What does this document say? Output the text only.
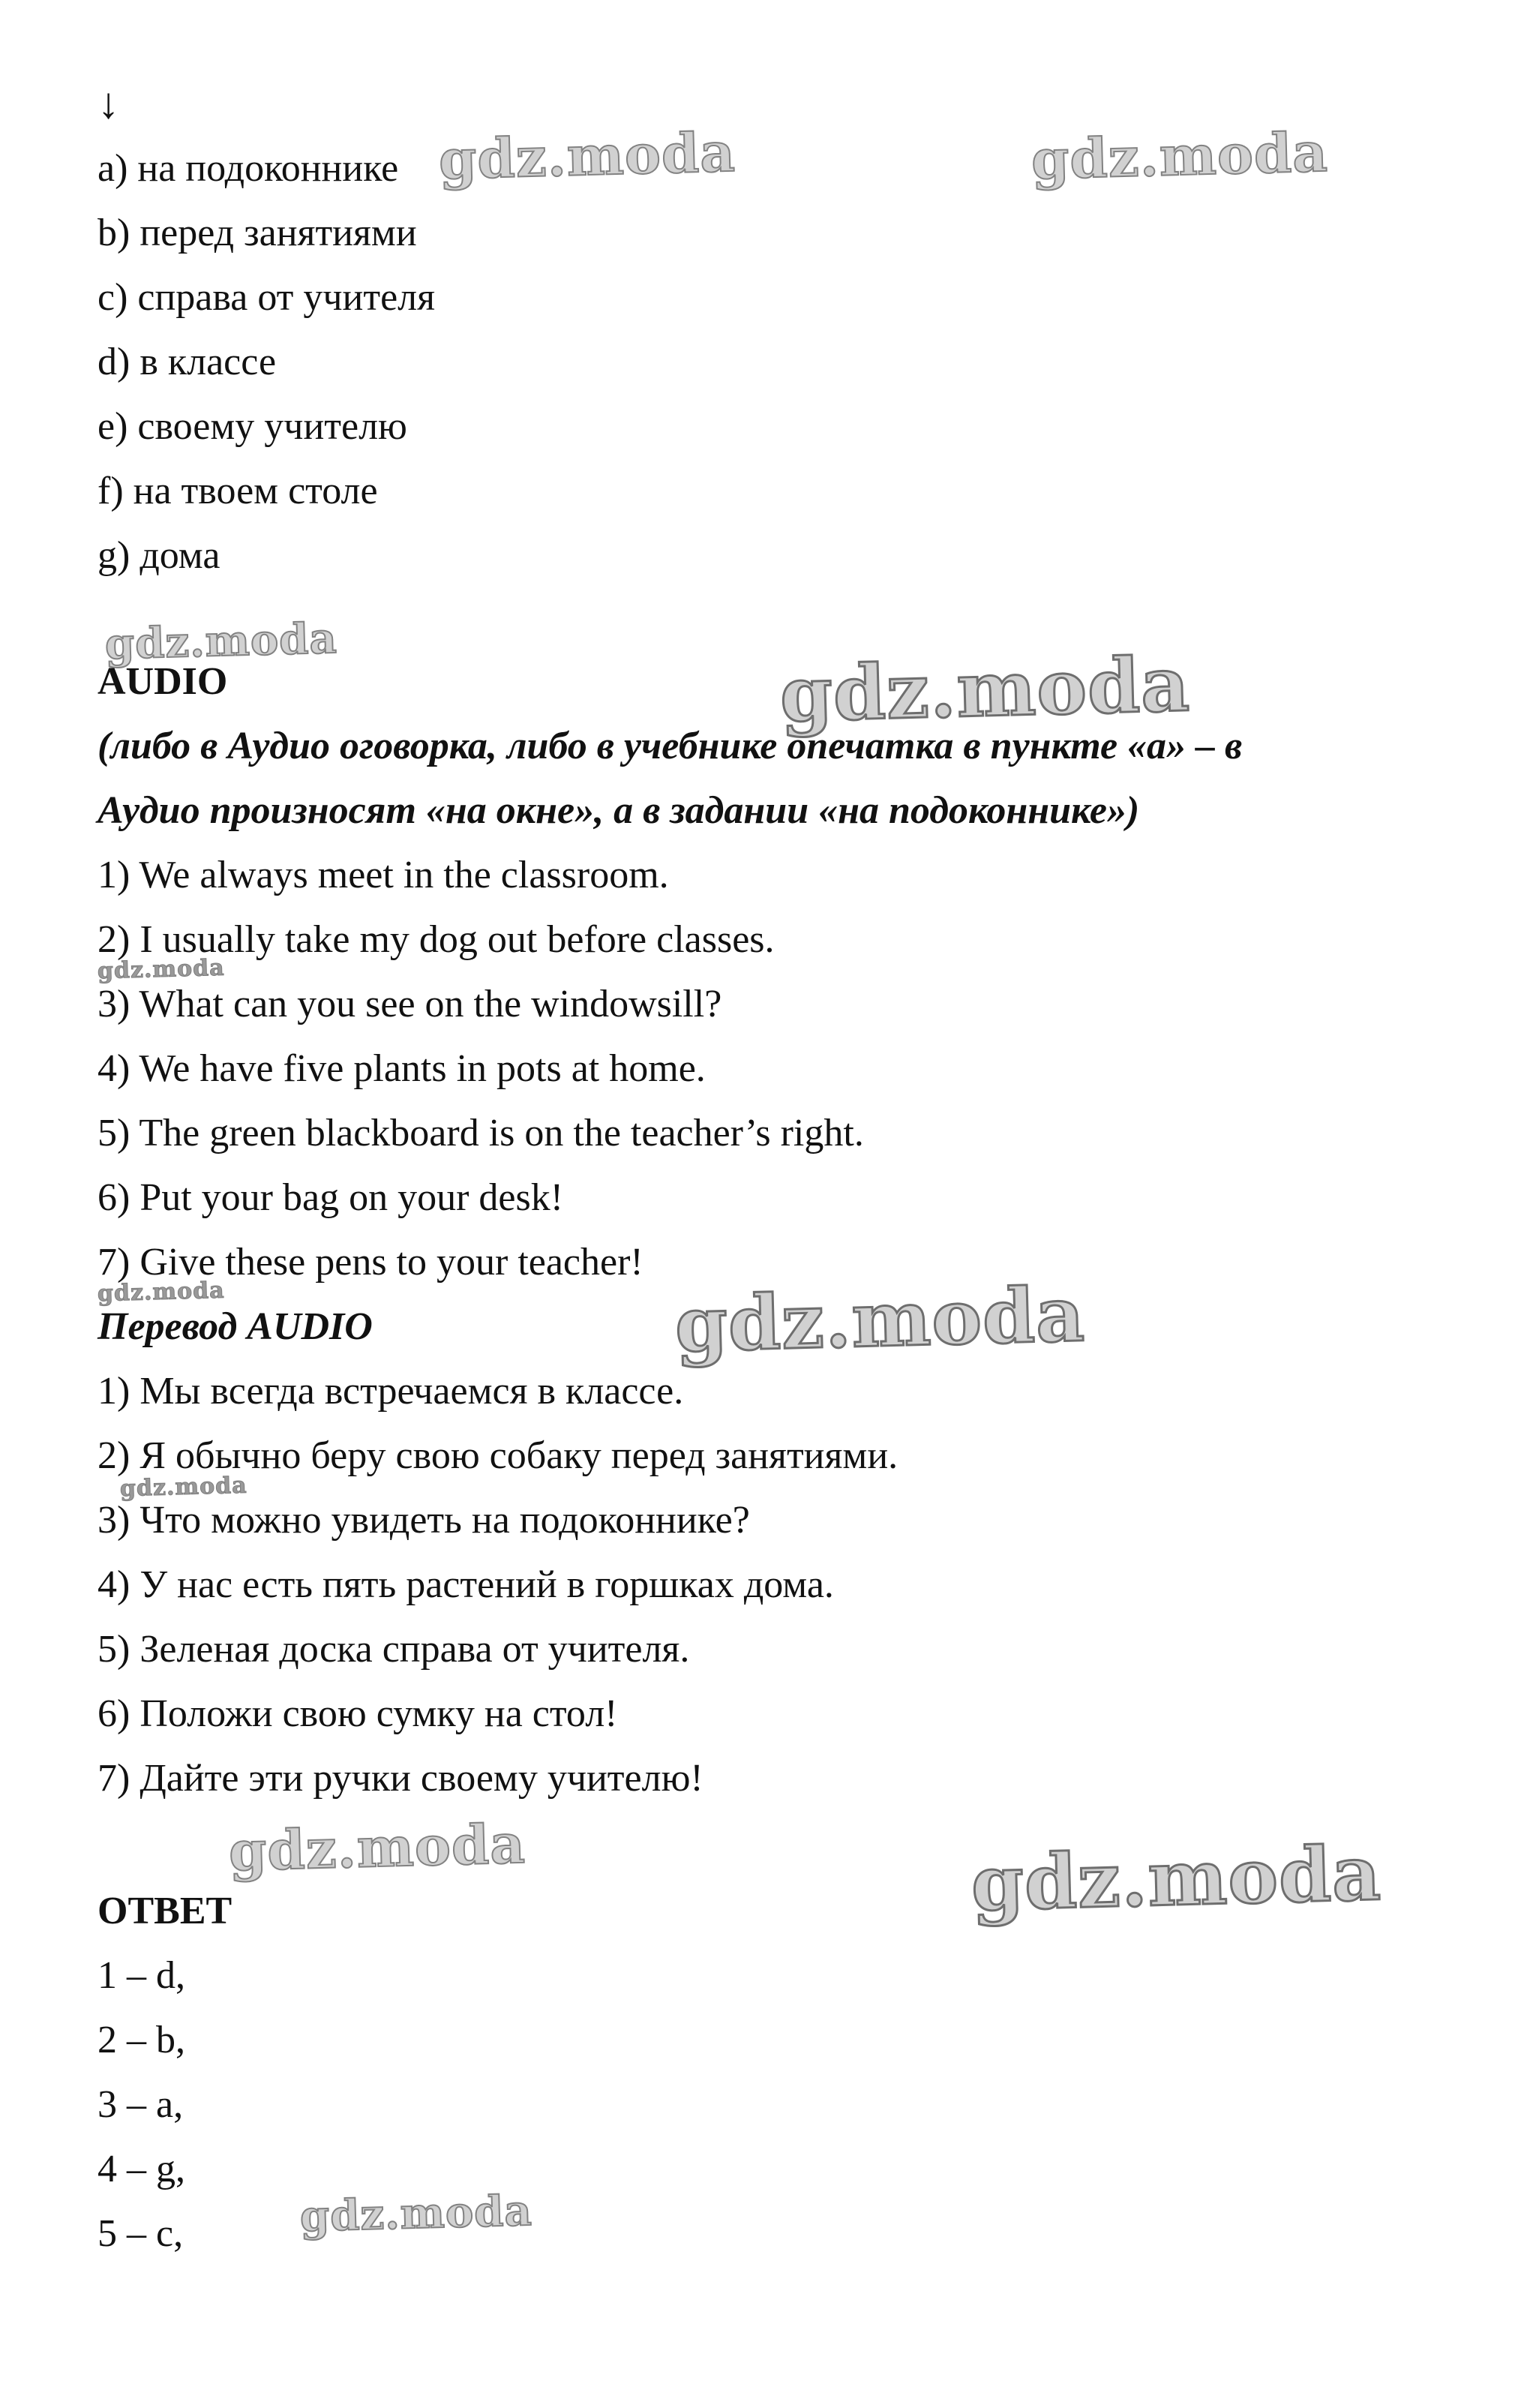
↓
a) на подоконнике
b) перед занятиями
c) справа от учителя
d) в классе
e) своему учителю
f) на твоем столе
g) дома
AUDIO
(либо в Аудио оговорка, либо в учебнике опечатка в пункте «а» – в
Аудио произносят «на окне», а в задании «на подоконнике»)
1) We always meet in the classroom.
2) I usually take my dog out before classes.
3) What can you see on the windowsill?
4) We have five plants in pots at home.
5) The green blackboard is on the teacher’s right.
6) Put your bag on your desk!
7) Give these pens to your teacher!
Перевод AUDIO
1) Мы всегда встречаемся в классе.
2) Я обычно беру свою собаку перед занятиями.
3) Что можно увидеть на подоконнике?
4) У нас есть пять растений в горшках дома.
5) Зеленая доска справа от учителя.
6) Положи свою сумку на стол!
7) Дайте эти ручки своему учителю!
ОТВЕТ
1 – d,
2 – b,
3 – a,
4 – g,
5 – c,
gdz.moda	gdz.moda
gdz.moda	gdz.moda
gdz.moda
gdz.moda	gdz.moda
gdz.moda
gdz.moda	gdz.moda
gdz.moda
